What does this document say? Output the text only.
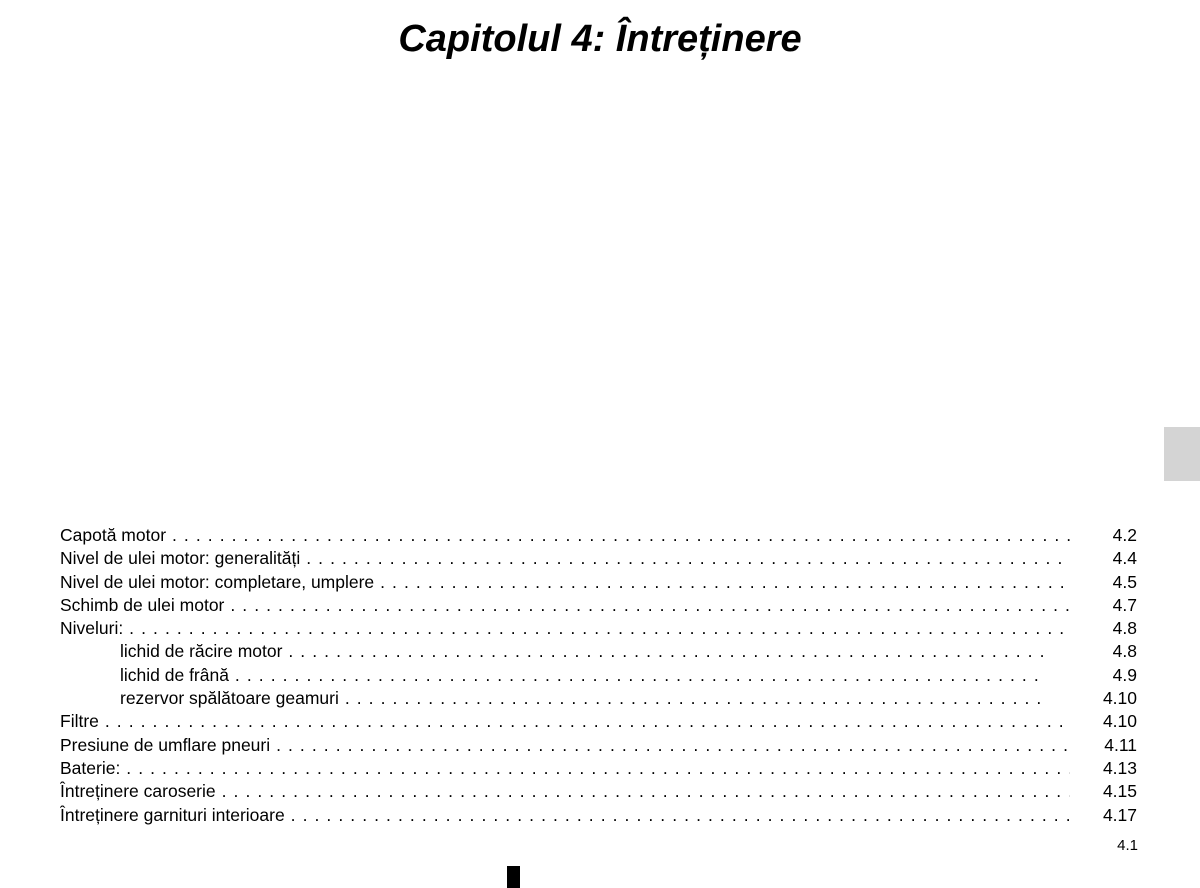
Capitolul 4: Întreținere
Capotă motor . . .	4.2
Nivel de ulei motor: generalități . . .	4.4
Nivel de ulei motor: completare, umplere . . .	4.5
Schimb de ulei motor . . .	4.7
Niveluri: . . .	4.8
lichid de răcire motor . . .	4.8
lichid de frână . . .	4.9
rezervor spălătoare geamuri . . .	4.10
Filtre . . .	4.10
Presiune de umflare pneuri . . .	4.11
Baterie: . . .	4.13
Întreținere caroserie . . .	4.15
Întreținere garnituri interioare . . .	4.17
4.1
